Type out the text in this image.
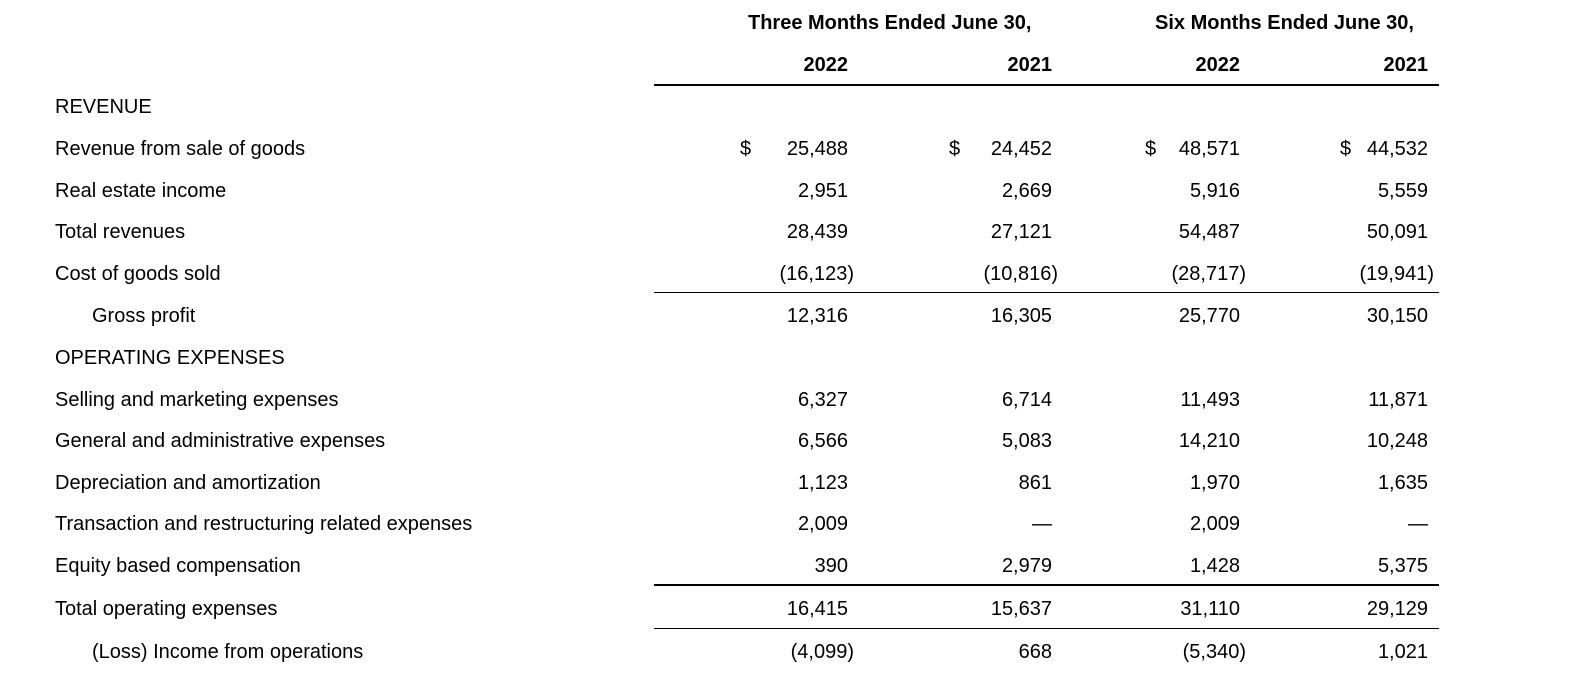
Three Months Ended June 30,	Six Months Ended June 30,
2022	2021	2022	2021
REVENUE
Revenue from sale of goods	$	25,488	$	24,452	$	48,571	$ 44,532
Real estate income	2,951	2,669	5,916	5,559
Total revenues	28,439	27,121	54,487	50,091
Cost of goods sold	(16,123)	(10,816)	(28,717)	(19,941)
Gross profit	12,316	16,305	25,770	30,150
OPERATING EXPENSES
Selling and marketing expenses	6,327	6,714	11,493	11,871
General and administrative expenses	6,566	5,083	14,210	10,248
Depreciation and amortization	1,123	861	1,970	1,635
Transaction and restructuring related expenses	2,009	—	2,009	—
Equity based compensation	390	2,979	1,428	5,375
Total operating expenses	16,415	15,637	31,110	29,129
(Loss) Income from operations	(4,099)	668	(5,340)	1,021
